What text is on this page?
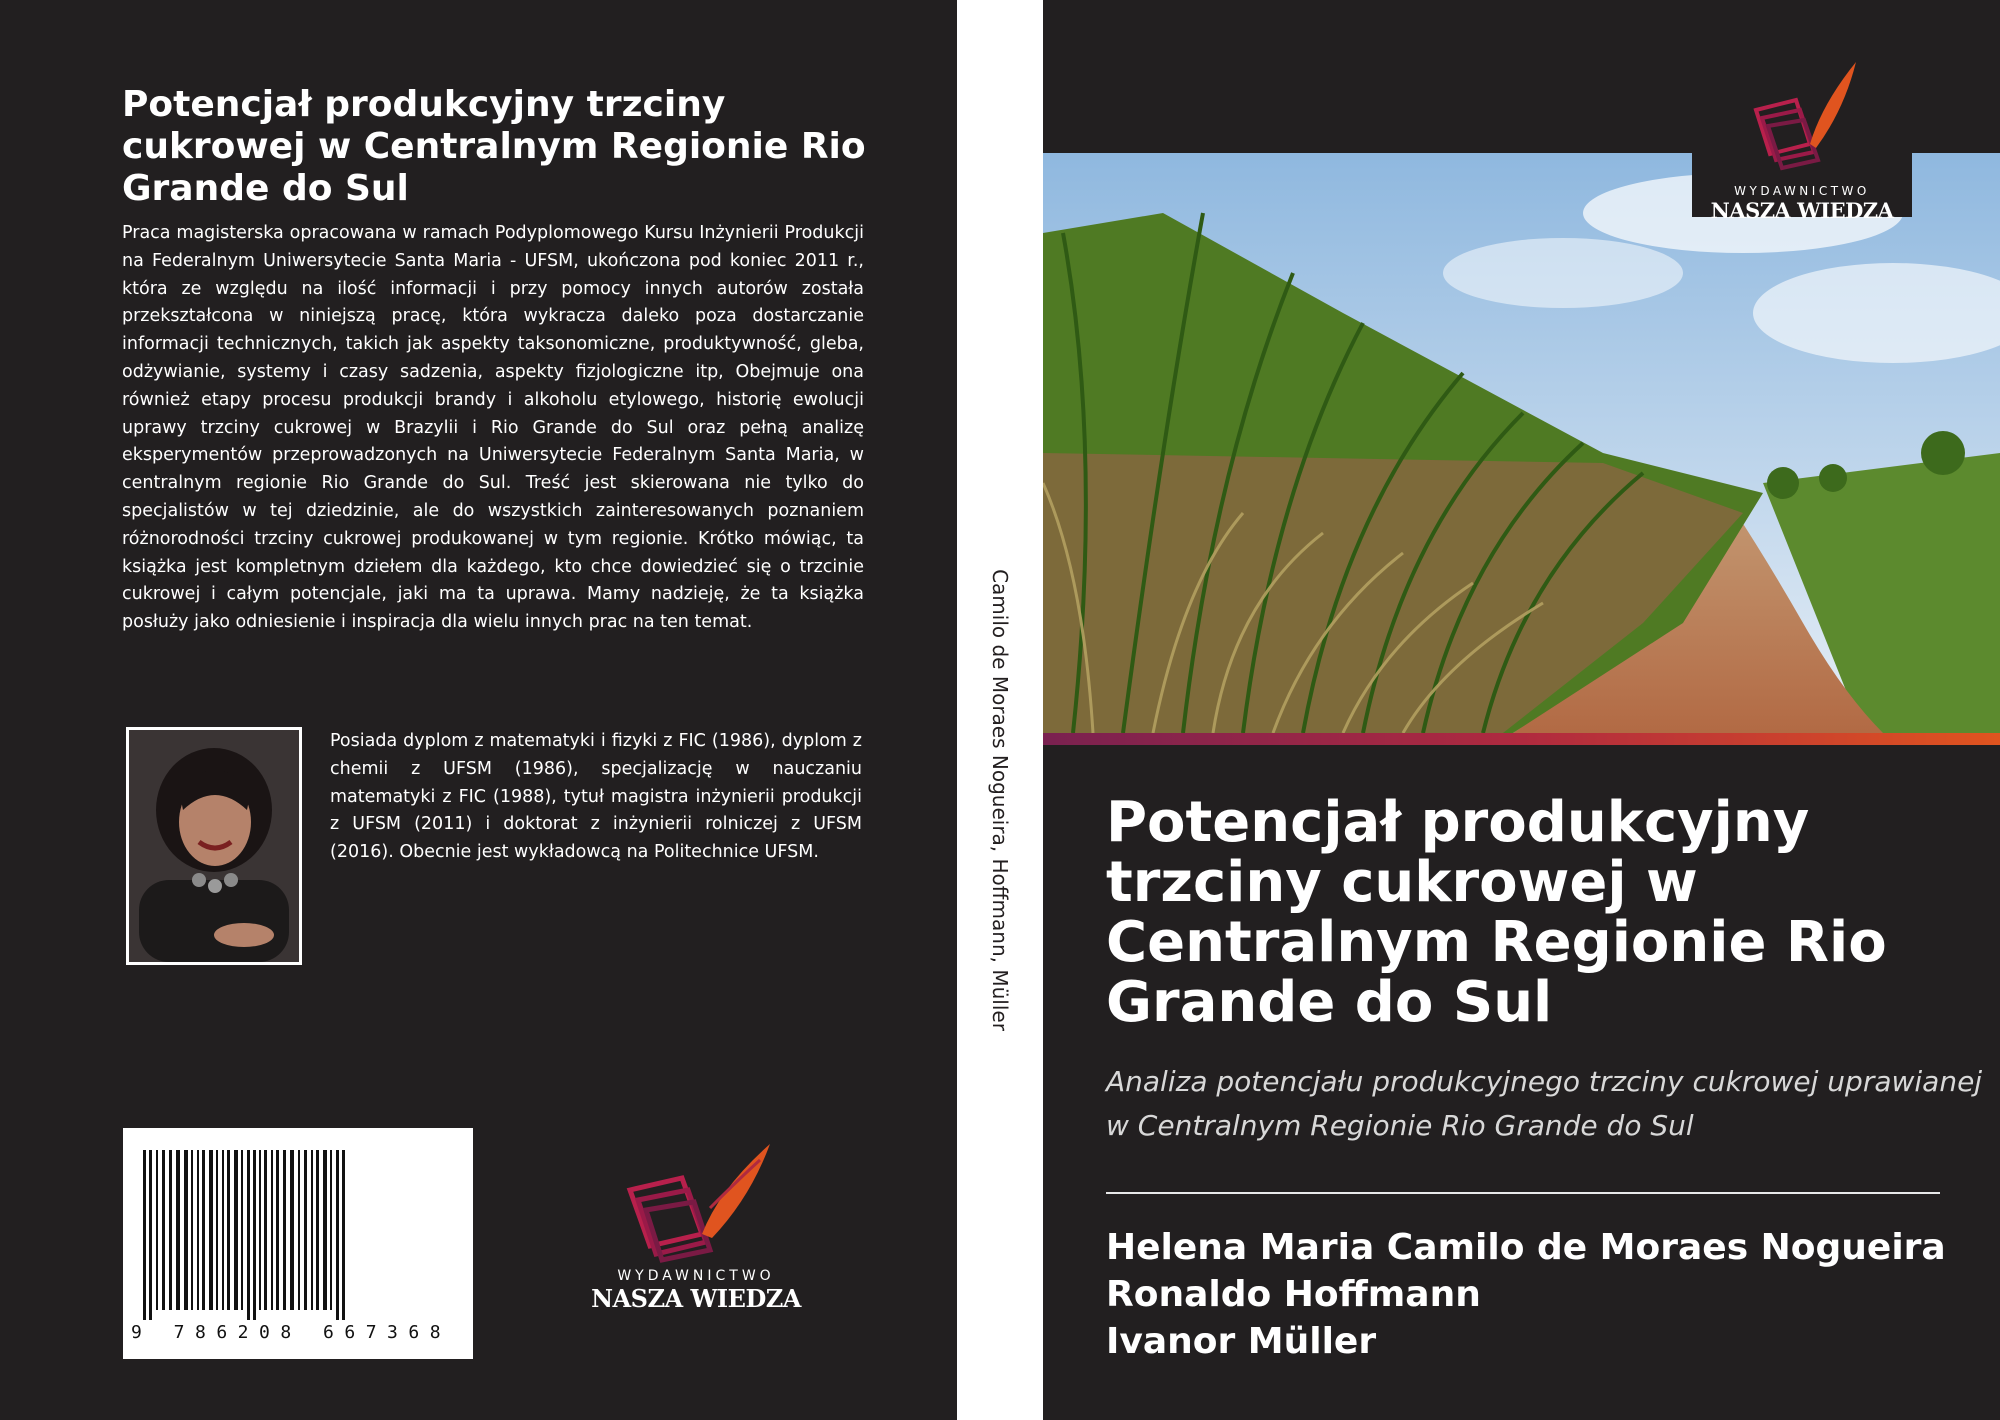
Potencjał produkcyjny trzciny cukrowej w Centralnym Regionie Rio Grande do Sul

Praca magisterska opracowana w ramach Podyplomowego Kursu Inżynierii Produkcji na Federalnym Uniwersytecie Santa Maria - UFSM, ukończona pod koniec 2011 r., która ze względu na ilość informacji i przy pomocy innych autorów została przekształcona w niniejszą pracę, która wykracza daleko poza dostarczanie informacji technicznych, takich jak aspekty taksonomiczne, produktywność, gleba, odżywianie, systemy i czasy sadzenia, aspekty fizjologiczne itp, Obejmuje ona również etapy procesu produkcji brandy i alkoholu etylowego, historię ewolucji uprawy trzciny cukrowej w Brazylii i Rio Grande do Sul oraz pełną analizę eksperymentów przeprowadzonych na Uniwersytecie Federalnym Santa Maria, w centralnym regionie Rio Grande do Sul. Treść jest skierowana nie tylko do specjalistów w tej dziedzinie, ale do wszystkich zainteresowanych poznaniem różnorodności trzciny cukrowej produkowanej w tym regionie. Krótko mówiąc, ta książka jest kompletnym dziełem dla każdego, kto chce dowiedzieć się o trzcinie cukrowej i całym potencjale, jaki ma ta uprawa. Mamy nadzieję, że ta książka posłuży jako odniesienie i inspiracja dla wielu innych prac na ten temat.

Posiada dyplom z matematyki i fizyki z FIC (1986), dyplom z chemii z UFSM (1986), specjalizację w nauczaniu matematyki z FIC (1988), tytuł magistra inżynierii produkcji z UFSM (2011) i doktorat z inżynierii rolniczej z UFSM (2016). Obecnie jest wykładowcą na Politechnice UFSM.

9 786208 667368
WYDAWNICTWO
NASZA WIEDZA
Camilo de Moraes Nogueira, Hoffmann, Müller
WYDAWNICTWO
NASZA WIEDZA
Potencjał produkcyjny trzciny cukrowej w Centralnym Regionie Rio Grande do Sul

Analiza potencjału produkcyjnego trzciny cukrowej uprawianej w Centralnym Regionie Rio Grande do Sul

Helena Maria Camilo de Moraes Nogueira
Ronaldo Hoffmann
Ivanor Müller
